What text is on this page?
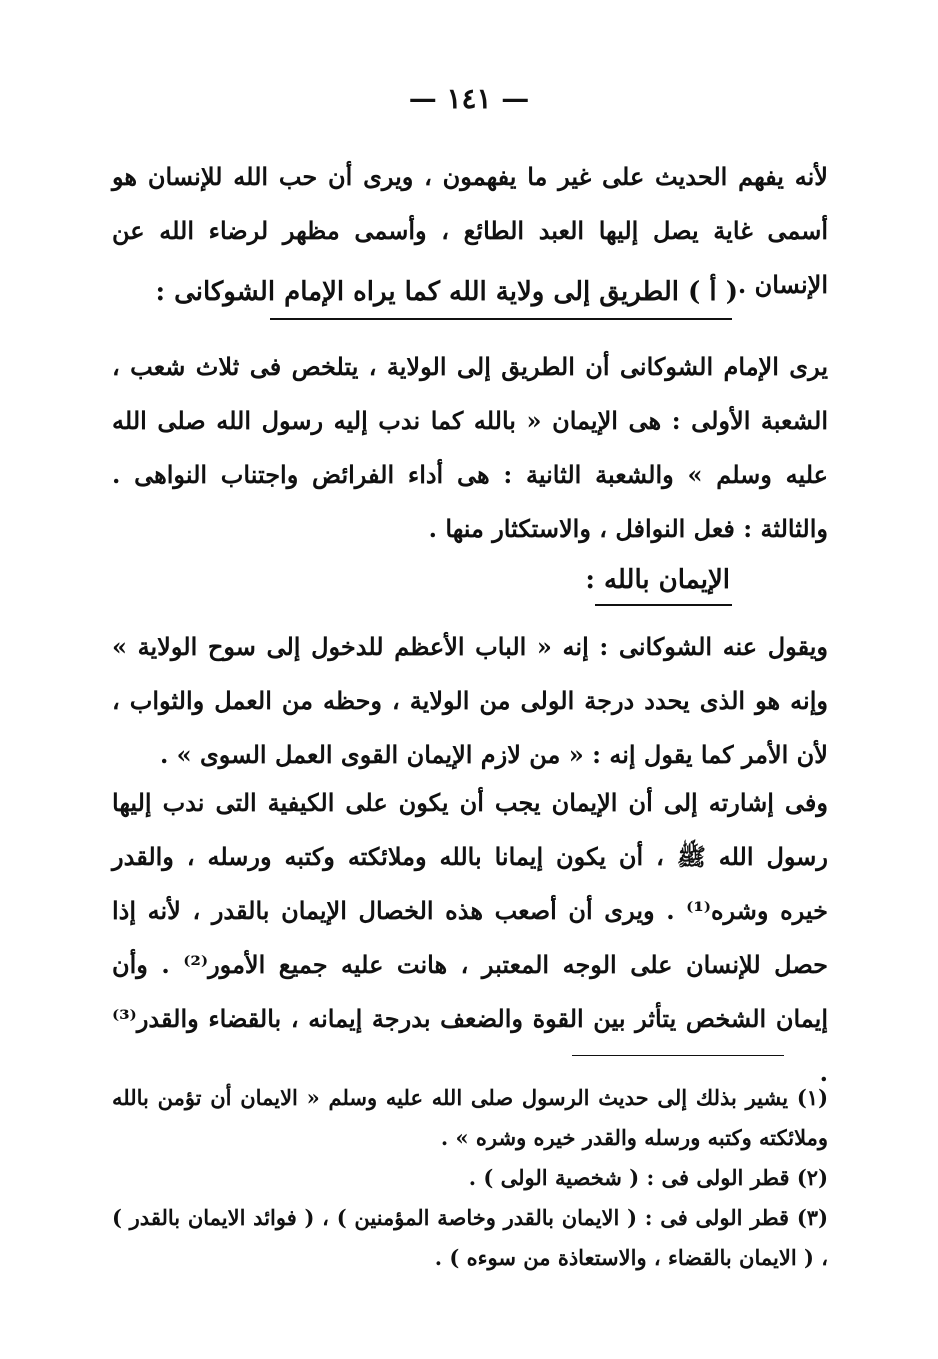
— ١٤١ —

لأنه يفهم الحديث على غير ما يفهمون ، ويرى أن حب الله للإنسان هو أسمى غاية يصل إليها العبد الطائع ، وأسمى مظهر لرضاء الله عن الإنسان .

( أ ) الطريق إلى ولاية الله كما يراه الإمام الشوكانى :

يرى الإمام الشوكانى أن الطريق إلى الولاية ، يتلخص فى ثلاث شعب ، الشعبة الأولى : هى الإيمان « بالله كما ندب إليه رسول الله صلى الله عليه وسلم » والشعبة الثانية : هى أداء الفرائض واجتناب النواهى . والثالثة : فعل النوافل ، والاستكثار منها .

الإيمان بالله :

ويقول عنه الشوكانى : إنه « الباب الأعظم للدخول إلى سوح الولاية » وإنه هو الذى يحدد درجة الولى من الولاية ، وحظه من العمل والثواب ، لأن الأمر كما يقول إنه : « من لازم الإيمان القوى العمل السوى » .

وفى إشارته إلى أن الإيمان يجب أن يكون على الكيفية التى ندب إليها رسول الله ﷺ ، أن يكون إيمانا بالله وملائكته وكتبه ورسله ، والقدر خيره وشره⁽¹⁾ . ويرى أن أصعب هذه الخصال الإيمان بالقدر ، لأنه إذا حصل للإنسان على الوجه المعتبر ، هانت عليه جميع الأمور⁽²⁾ . وأن إيمان الشخص يتأثر بين القوة والضعف بدرجة إيمانه ، بالقضاء والقدر⁽³⁾ .

(١) يشير بذلك إلى حديث الرسول صلى الله عليه وسلم « الايمان أن تؤمن بالله وملائكته وكتبه ورسله والقدر خيره وشره » .

(٢) قطر الولى فى : ( شخصية الولى ) .

(٣) قطر الولى فى : ( الايمان بالقدر وخاصة المؤمنين ) ، ( فوائد الايمان بالقدر ) ، ( الايمان بالقضاء ، والاستعاذة من سوءه ) .
